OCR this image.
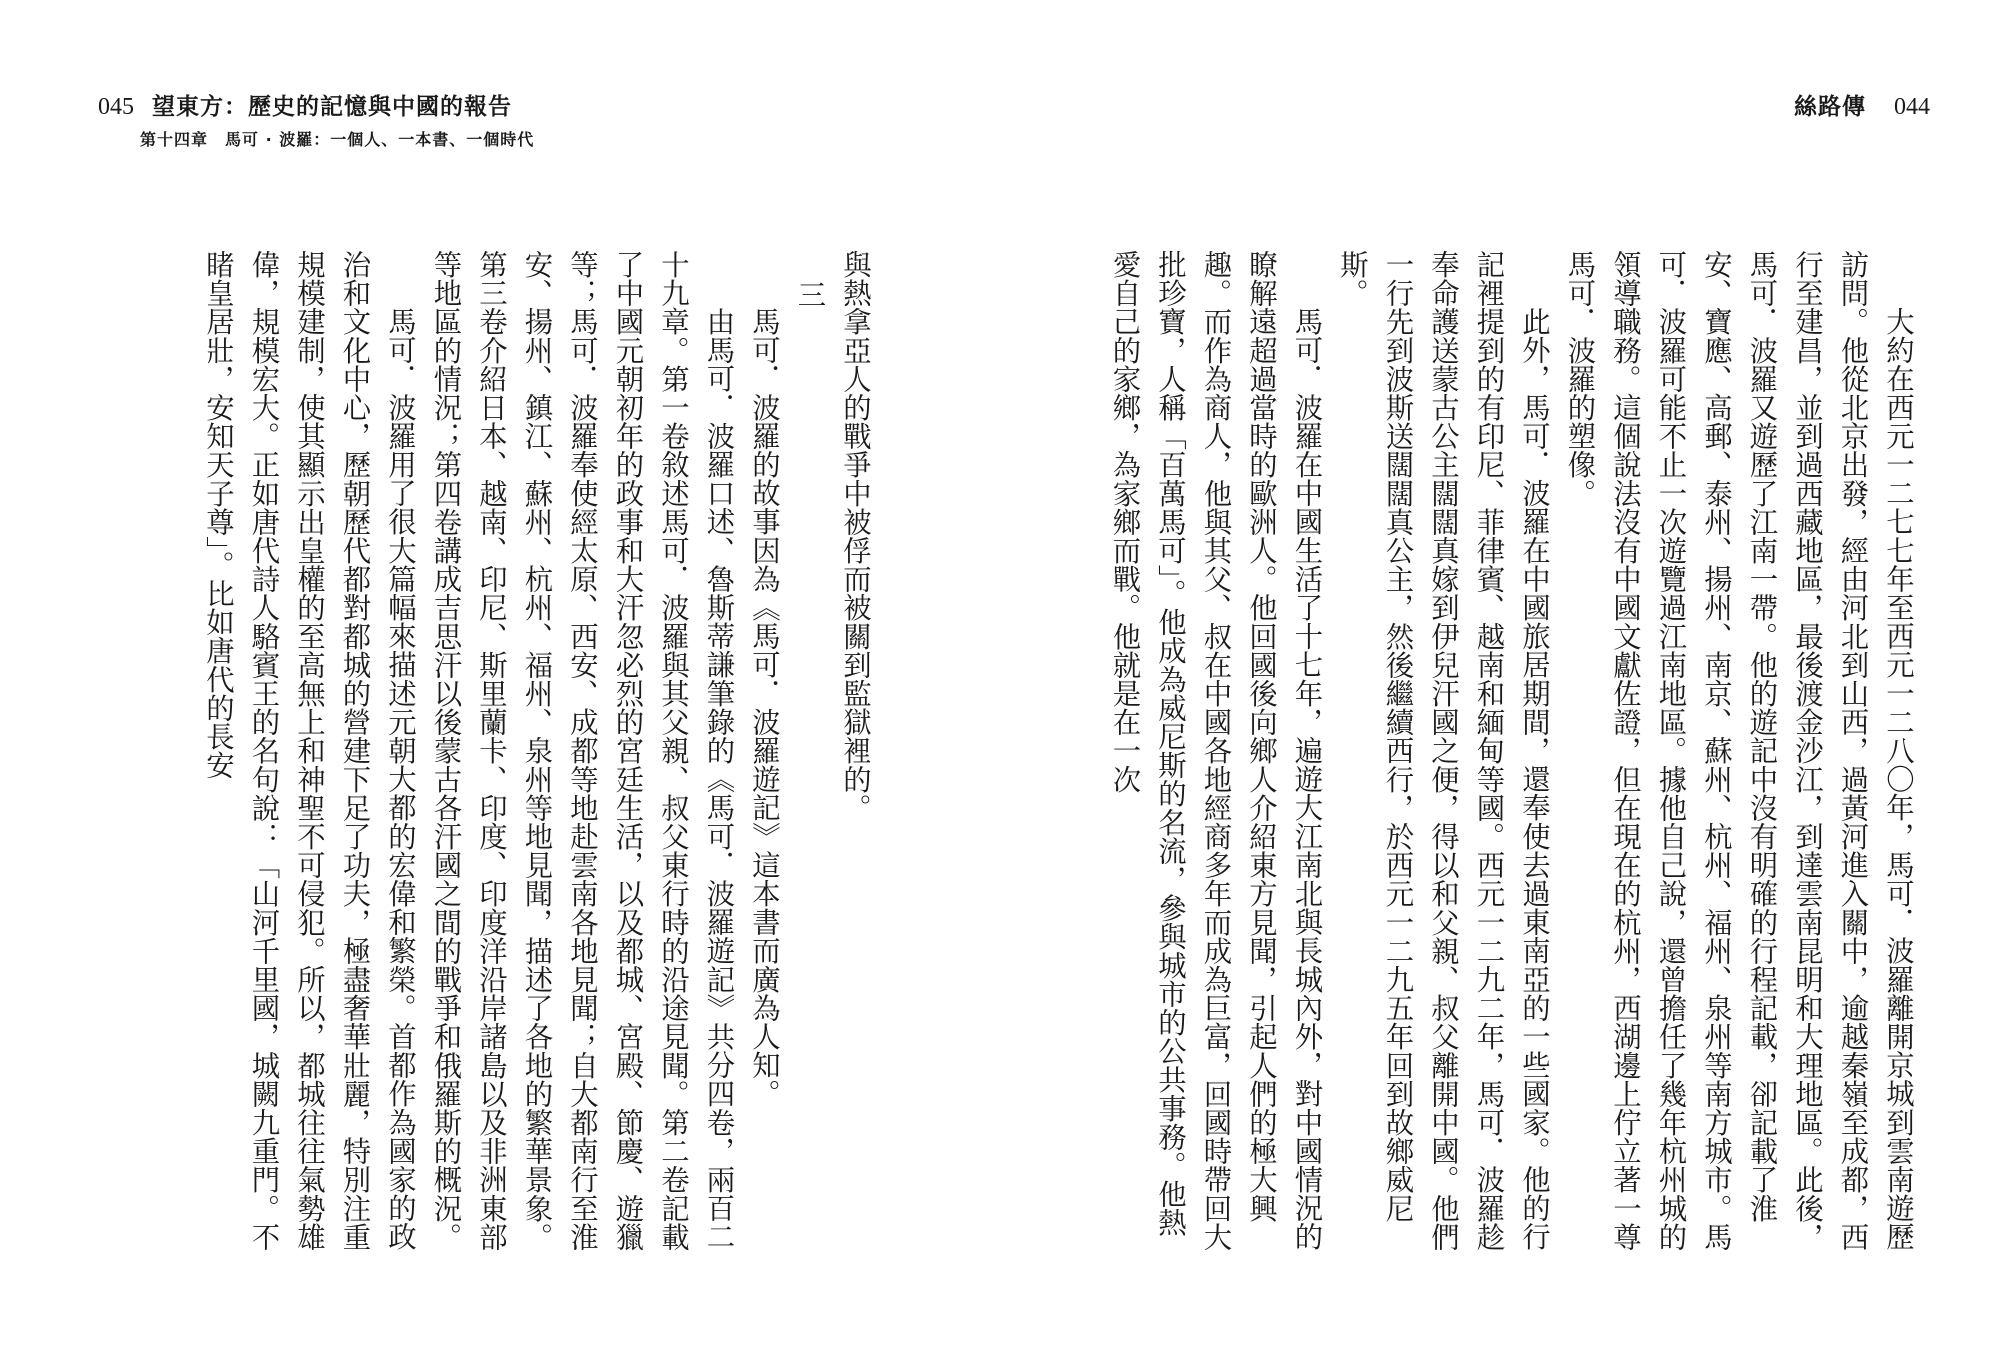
045 望東方：歷史的記憶與中國的報告
第十四章　馬可 · 波羅：一個人、一本書、一個時代

與熱拿亞人的戰爭中被俘而被關到監獄裡的。

三

馬可．波羅的故事因為《馬可．波羅遊記》這本書而廣為人知。

由馬可．波羅口述、魯斯蒂謙筆錄的《馬可．波羅遊記》共分四卷，兩百二十九章。第一卷敘述馬可．波羅與其父親、叔父東行時的沿途見聞。第二卷記載了中國元朝初年的政事和大汗忽必烈的宮廷生活，以及都城、宮殿、節慶、遊獵等；馬可．波羅奉使經太原、西安、成都等地赴雲南各地見聞；自大都南行至淮安、揚州、鎮江、蘇州、杭州、福州、泉州等地見聞，描述了各地的繁華景象。第三卷介紹日本、越南、印尼、斯里蘭卡、印度、印度洋沿岸諸島以及非洲東部等地區的情況；第四卷講成吉思汗以後蒙古各汗國之間的戰爭和俄羅斯的概況。

馬可．波羅用了很大篇幅來描述元朝大都的宏偉和繁榮。首都作為國家的政治和文化中心，歷朝歷代都對都城的營建下足了功夫，極盡奢華壯麗，特別注重規模建制，使其顯示出皇權的至高無上和神聖不可侵犯。所以，都城往往氣勢雄偉，規模宏大。正如唐代詩人駱賓王的名句說：「山河千里國，城闕九重門。不睹皇居壯，安知天子尊」。比如唐代的長安

絲路傳 044

大約在西元一二七七年至西元一二八〇年，馬可．波羅離開京城到雲南遊歷訪問。他從北京出發，經由河北到山西，過黃河進入關中，逾越秦嶺至成都，西行至建昌，並到過西藏地區，最後渡金沙江，到達雲南昆明和大理地區。此後，馬可．波羅又遊歷了江南一帶。他的遊記中沒有明確的行程記載，卻記載了淮安、寶應、高郵、泰州、揚州、南京、蘇州、杭州、福州、泉州等南方城市。馬可．波羅可能不止一次遊覽過江南地區。據他自己說，還曾擔任了幾年杭州城的領導職務。這個說法沒有中國文獻佐證，但在現在的杭州，西湖邊上佇立著一尊馬可．波羅的塑像。

此外，馬可．波羅在中國旅居期間，還奉使去過東南亞的一些國家。他的行記裡提到的有印尼、菲律賓、越南和緬甸等國。西元一二九二年，馬可．波羅趁奉命護送蒙古公主闊闊真嫁到伊兒汗國之便，得以和父親、叔父離開中國。他們一行先到波斯送闊闊真公主，然後繼續西行，於西元一二九五年回到故鄉威尼斯。

馬可．波羅在中國生活了十七年，遍遊大江南北與長城內外，對中國情況的瞭解遠超過當時的歐洲人。他回國後向鄉人介紹東方見聞，引起人們的極大興趣。而作為商人，他與其父、叔在中國各地經商多年而成為巨富，回國時帶回大批珍寶，人稱「百萬馬可」。他成為威尼斯的名流，參與城市的公共事務。他熱愛自己的家鄉，為家鄉而戰。他就是在一次
